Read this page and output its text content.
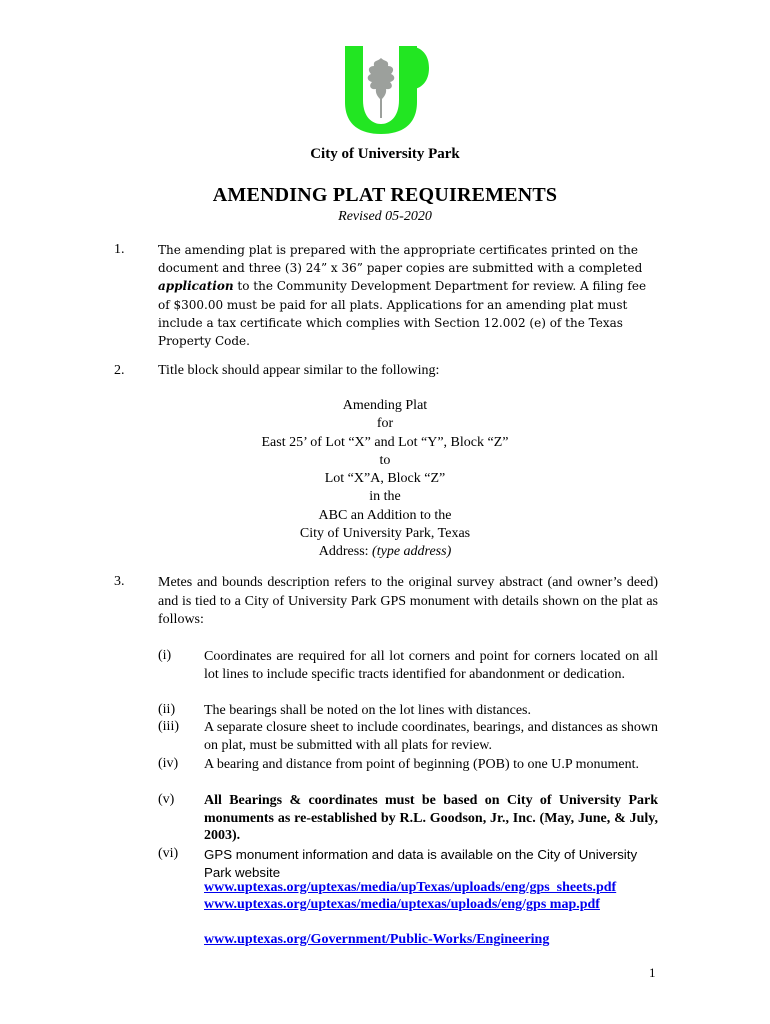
City of University Park
AMENDING PLAT REQUIREMENTS
Revised 05-2020
1.	The amending plat is prepared with the appropriate certificates printed on the document and three (3) 24” x 36” paper copies are submitted with a completed application to the Community Development Department for review. A filing fee of $300.00 must be paid for all plats. Applications for an amending plat must include a tax certificate which complies with Section 12.002 (e) of the Texas Property Code.
2. Title block should appear similar to the following:
Amending Plat
for
East 25’ of Lot “X” and Lot “Y”, Block “Z”
to
Lot “X”A, Block “Z”
in the
ABC an Addition to the
City of University Park, Texas
Address: (type address)
3. Metes and bounds description refers to the original survey abstract (and owner’s deed) and is tied to a City of University Park GPS monument with details shown on the plat as follows:
(i) Coordinates are required for all lot corners and point for corners located on all lot lines to include specific tracts identified for abandonment or dedication.
(ii) The bearings shall be noted on the lot lines with distances.
(iii) A separate closure sheet to include coordinates, bearings, and distances as shown on plat, must be submitted with all plats for review.
(iv) A bearing and distance from point of beginning (POB) to one U.P monument.
(v) All Bearings & coordinates must be based on City of University Park monuments as re-established by R.L. Goodson, Jr., Inc. (May, June, & July, 2003).
(vi) GPS monument information and data is available on the City of University Park website
www.uptexas.org/uptexas/media/upTexas/uploads/eng/gps_sheets.pdf
www.uptexas.org/uptexas/media/uptexas/uploads/eng/gps map.pdf
www.uptexas.org/Government/Public-Works/Engineering
1
